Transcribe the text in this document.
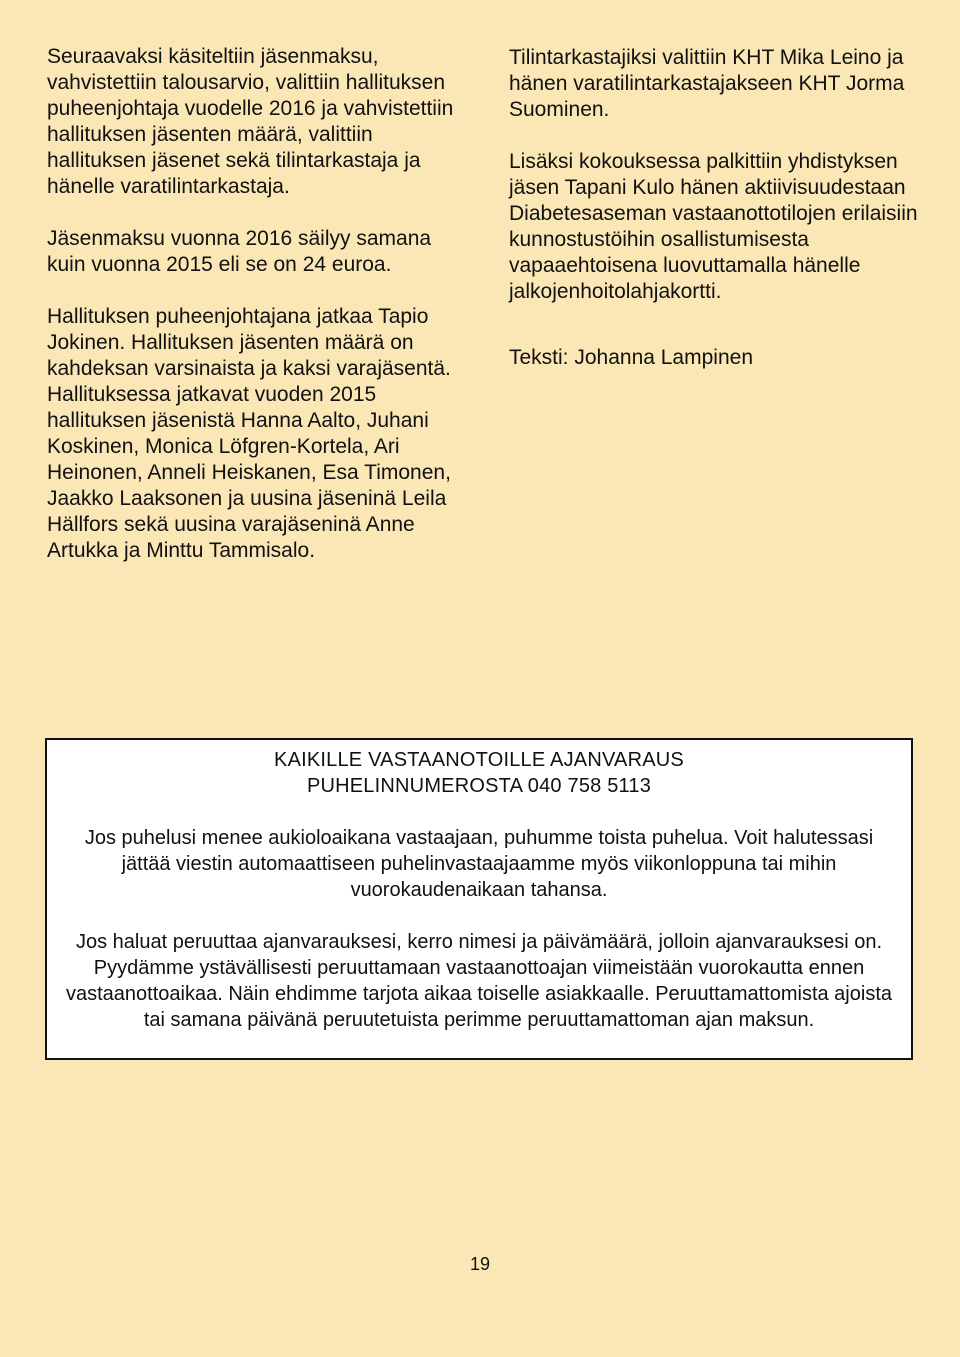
Seuraavaksi käsiteltiin jäsenmaksu, vahvistettiin talousarvio, valittiin hallituksen puheenjohtaja vuodelle 2016 ja vahvistettiin hallituksen jäsenten määrä, valittiin hallituksen jäsenet sekä tilintarkastaja ja hänelle varatilintarkastaja.

Jäsenmaksu vuonna 2016 säilyy samana kuin vuonna 2015 eli se on 24 euroa.

Hallituksen puheenjohtajana jatkaa Tapio Jokinen. Hallituksen jäsenten määrä on kahdeksan varsinaista ja kaksi varajäsentä. Hallituksessa jatkavat vuoden 2015 hallituksen jäsenistä Hanna Aalto, Juhani Koskinen, Monica Löfgren-Kortela, Ari Heinonen, Anneli Heiskanen, Esa Timonen, Jaakko Laaksonen ja uusina jäseninä Leila Hällfors sekä uusina varajäseninä Anne Artukka ja Minttu Tammisalo.

Tilintarkastajiksi valittiin KHT Mika Leino ja hänen varatilintarkastajakseen KHT Jorma Suominen.

Lisäksi kokouksessa palkittiin yhdistyksen jäsen Tapani Kulo hänen aktiivisuudestaan Diabetesaseman vastaanottotilojen erilaisiin kunnostustöihin osallistumisesta vapaaehtoisena luovuttamalla hänelle jalkojenhoitolahjakortti.

Teksti: Johanna Lampinen

KAIKILLE VASTAANOTOILLE AJANVARAUS

PUHELINNUMEROSTA 040 758 5113

Jos puhelusi menee aukioloaikana vastaajaan, puhumme toista puhelua. Voit halutessasi jättää viestin automaattiseen puhelinvastaajaamme myös viikonloppuna tai mihin vuorokaudenaikaan tahansa.

Jos haluat peruuttaa ajanvarauksesi, kerro nimesi ja päivämäärä, jolloin ajanvarauksesi on. Pyydämme ystävällisesti peruuttamaan vastaanottoajan viimeistään vuorokautta ennen vastaanottoaikaa. Näin ehdimme tarjota aikaa toiselle asiakkaalle. Peruuttamattomista ajoista tai samana päivänä peruutetuista perimme peruuttamattoman ajan maksun.

19
